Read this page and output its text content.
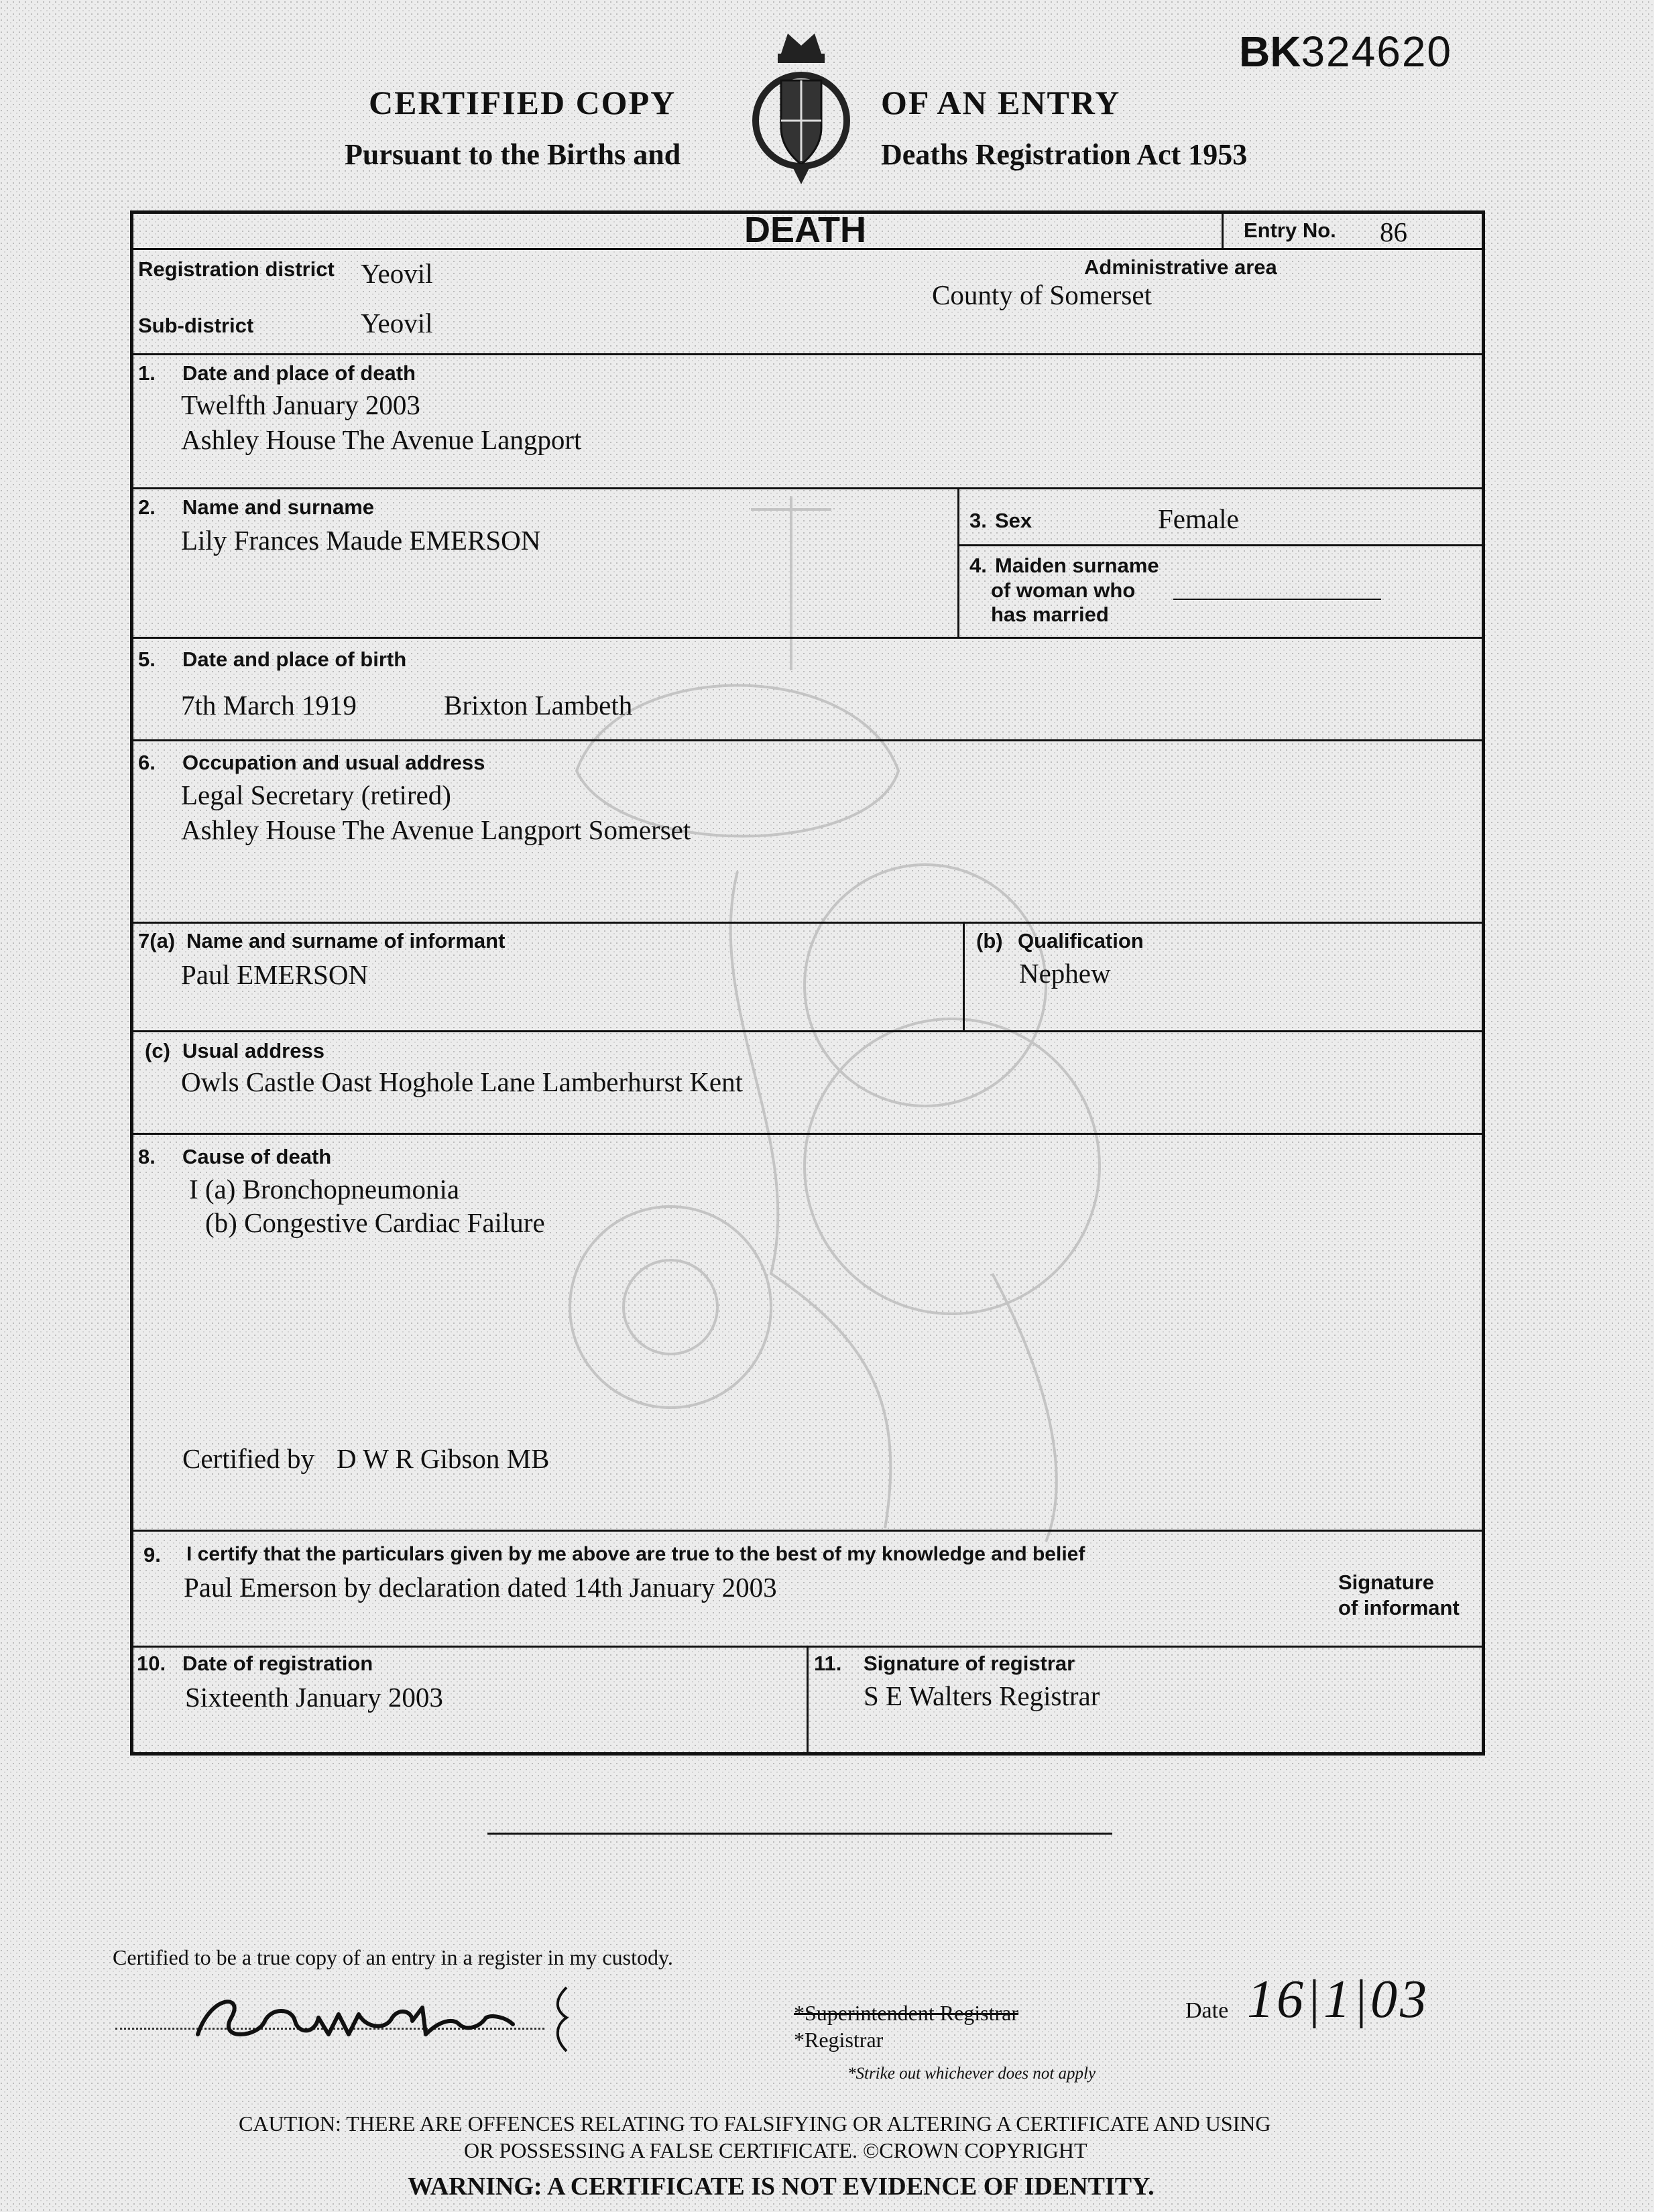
BK324620
CERTIFIED COPY	OF AN ENTRY
Pursuant to the Births and	Deaths Registration Act 1953
DEATH	Entry No. 86
Registration district Yeovil
Sub-district	Yeovil
Administrative area
County of Somerset
1. Date and place of death
Twelfth January 2003
Ashley House The Avenue Langport
2. Name and surname
Lily Frances Maude EMERSON
3. Sex	Female
4. Maiden surname
of woman who
has married
5. Date and place of birth
7th March 1919	Brixton Lambeth
6. Occupation and usual address
Legal Secretary (retired)
Ashley House The Avenue Langport Somerset
7(a) Name and surname of informant
Paul EMERSON
(b) Qualification
Nephew
(c) Usual address
Owls Castle Oast Hoghole Lane Lamberhurst Kent
8. Cause of death
I (a) Bronchopneumonia
(b) Congestive Cardiac Failure
Certified by D W R Gibson MB
9. I certify that the particulars given by me above are true to the best of my knowledge and belief
Paul Emerson by declaration dated 14th January 2003	Signature
of informant
10. Date of registration
Sixteenth January 2003
11. Signature of registrar
S E Walters Registrar
Certified to be a true copy of an entry in a register in my custody.
*Superintendent Registrar
*Registrar
*Strike out whichever does not apply
Date 16|1|03
CAUTION: THERE ARE OFFENCES RELATING TO FALSIFYING OR ALTERING A CERTIFICATE AND USING
OR POSSESSING A FALSE CERTIFICATE. ©CROWN COPYRIGHT
WARNING: A CERTIFICATE IS NOT EVIDENCE OF IDENTITY.
